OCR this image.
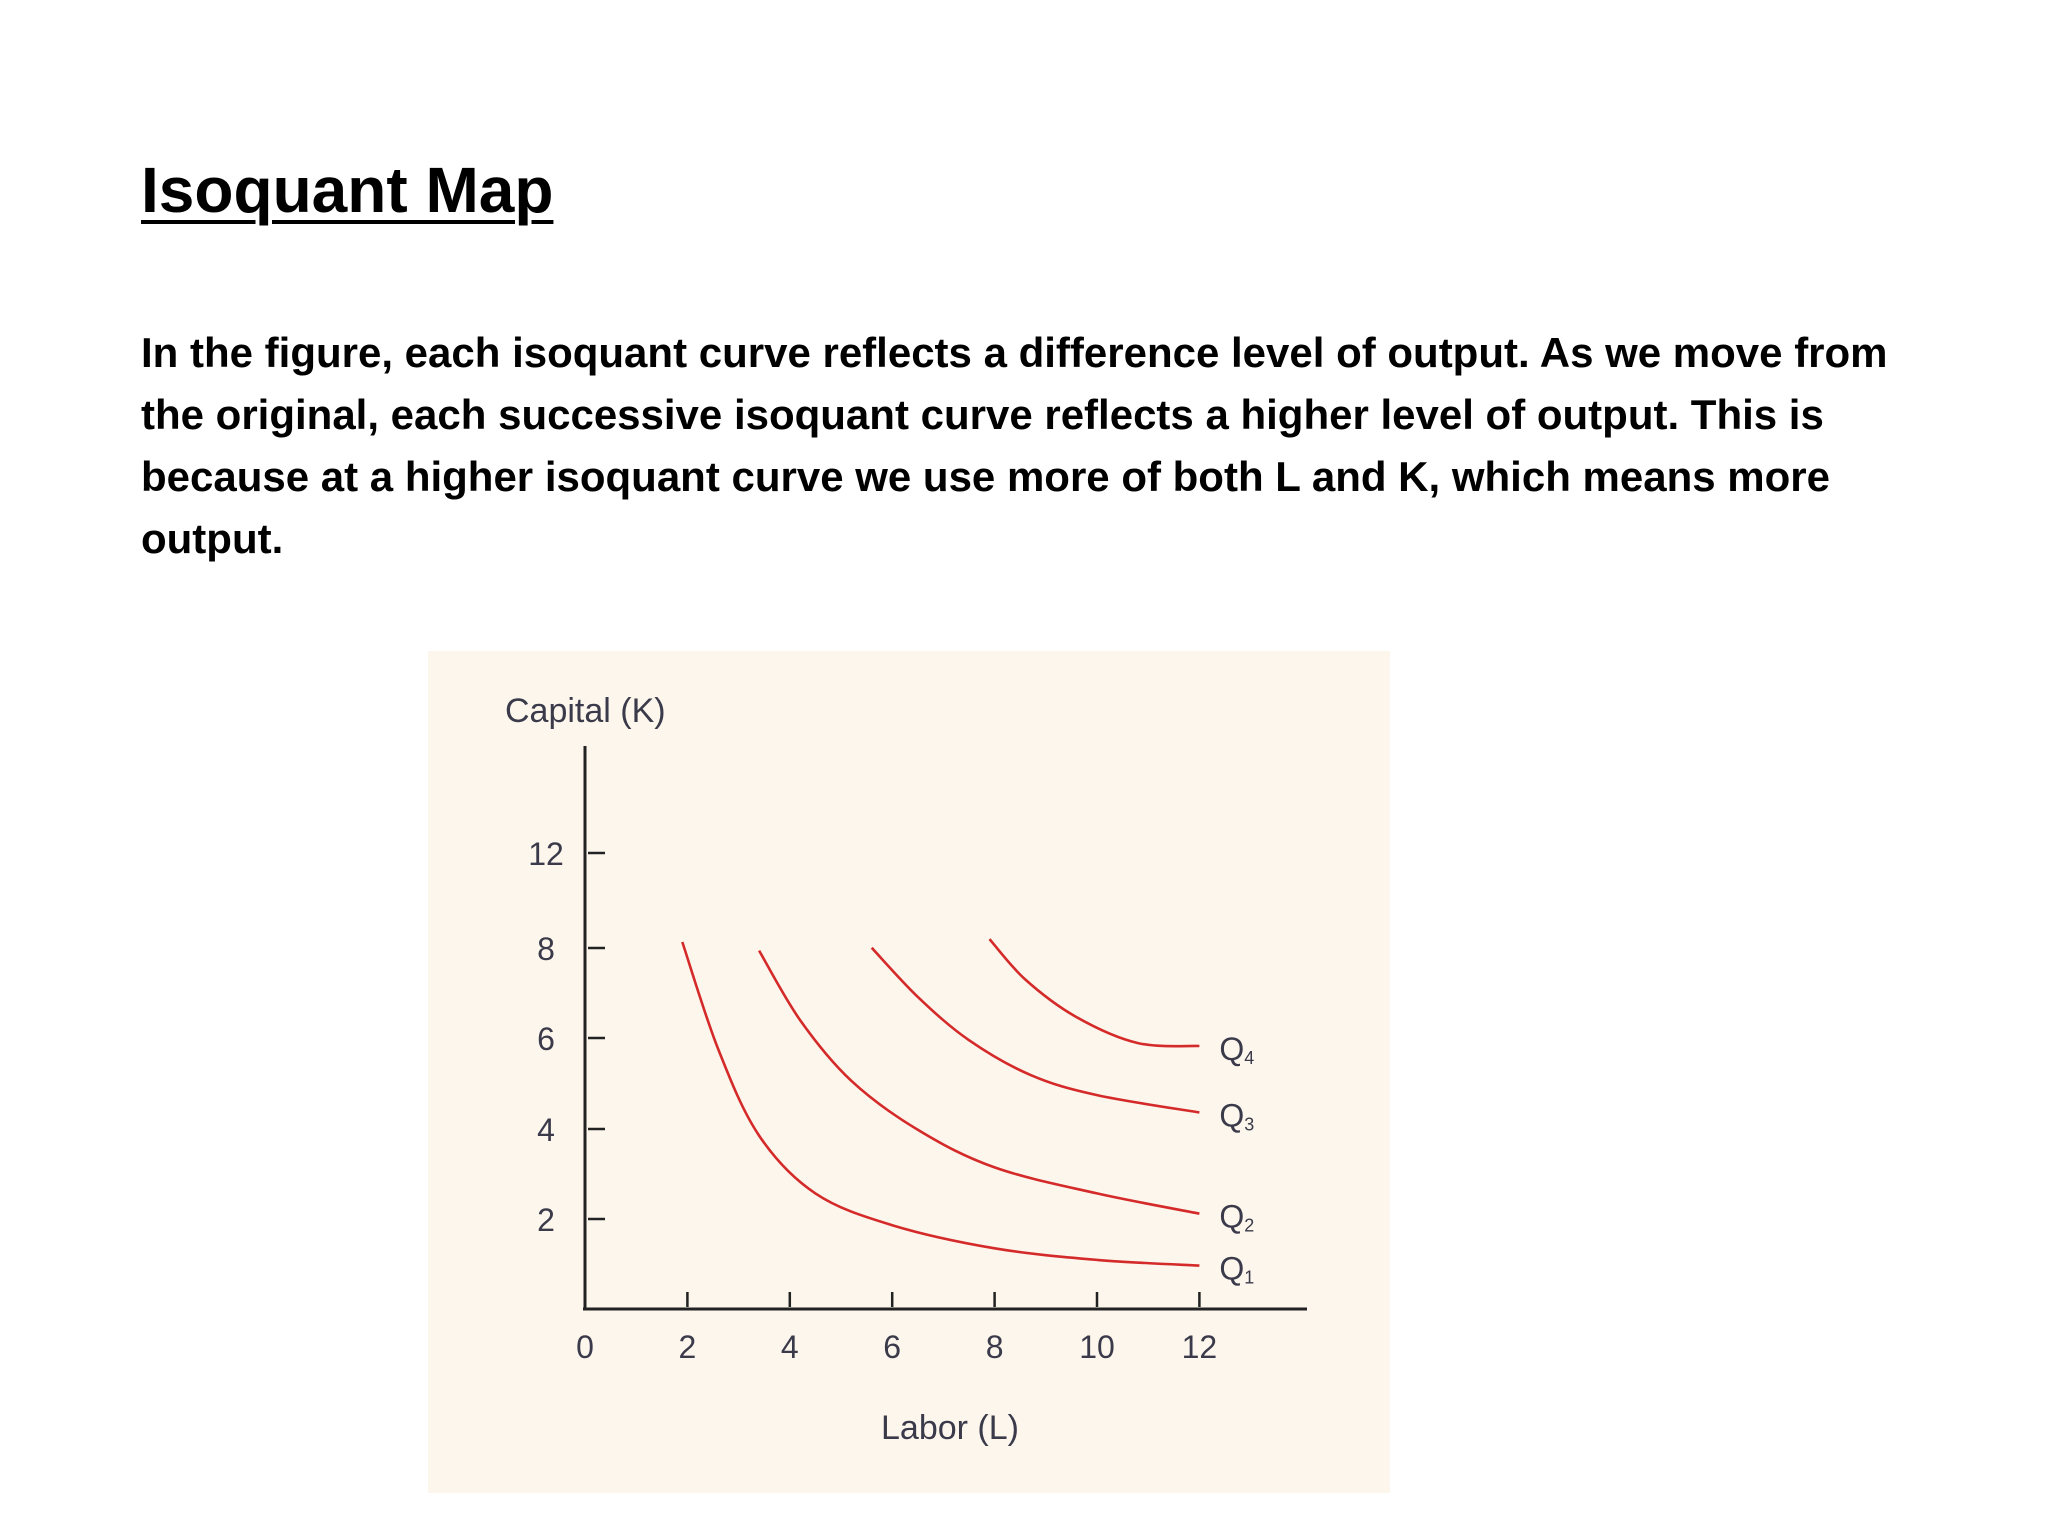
Isoquant Map

In the figure, each isoquant curve reflects a difference level of output. As we move from the original, each successive isoquant curve reflects a higher level of output. This is because at a higher isoquant curve we use more of both L and K, which means more output.

Capital (K)
Labor (L)
2
4
6
8
12
0	2	4	6	8 10 12
Q1
Q2
Q3
Q4
